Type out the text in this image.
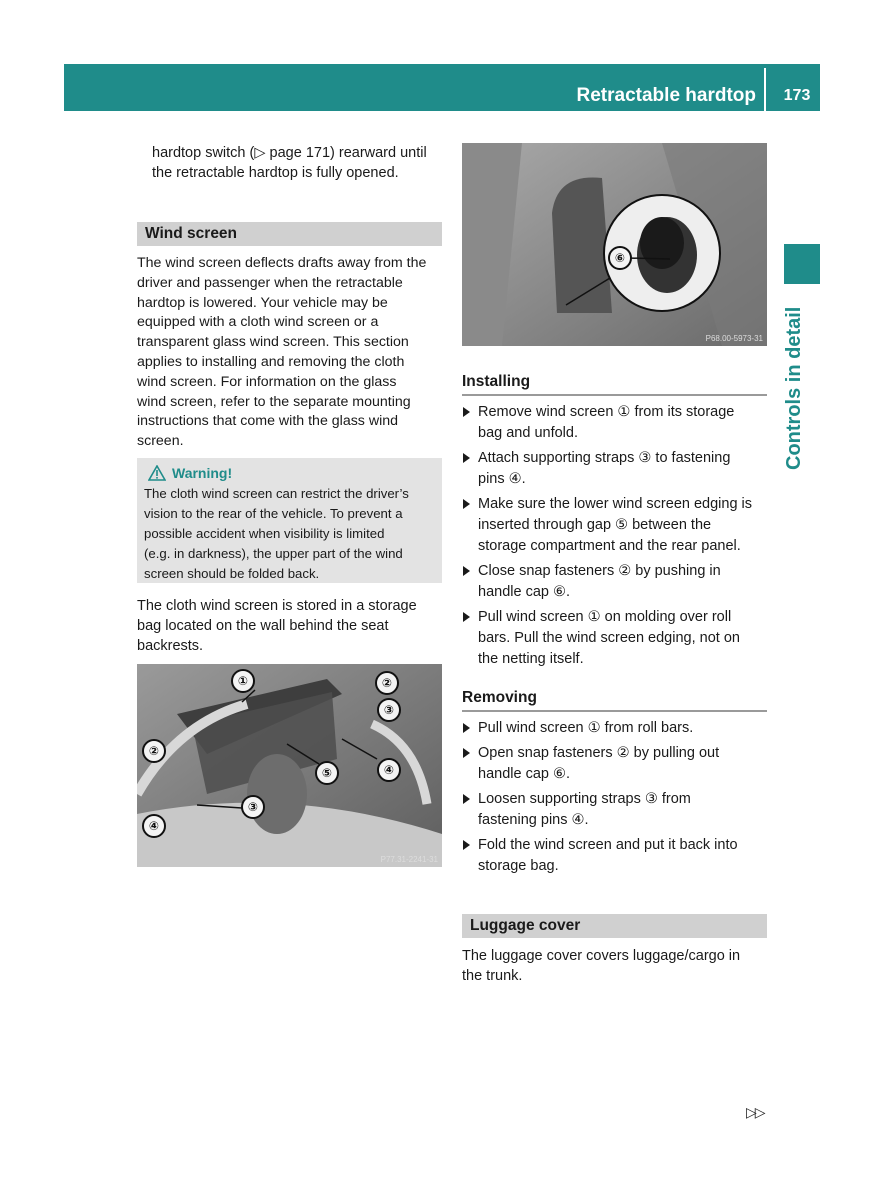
Retractable hardtop	173
Controls in detail
hardtop switch (▷ page 171) rearward until
the retractable hardtop is fully opened.
Wind screen
The wind screen deflects drafts away from the
driver and passenger when the retractable
hardtop is lowered. Your vehicle may be
equipped with a cloth wind screen or a
transparent glass wind screen. This section
applies to installing and removing the cloth
wind screen. For information on the glass
wind screen, refer to the separate mounting
instructions that come with the glass wind
screen.
Warning!
The cloth wind screen can restrict the driver’s
vision to the rear of the vehicle. To prevent a
possible accident when visibility is limited
(e.g. in darkness), the upper part of the wind
screen should be folded back.
The cloth wind screen is stored in a storage
bag located on the wall behind the seat
backrests.
①	②
③
④
⑤
②
③
④
P77.31-2241-31
⑥
P68.00-5973-31
Installing
Remove wind screen ① from its storage
bag and unfold.
Attach supporting straps ③ to fastening
pins ④.
Make sure the lower wind screen edging is
inserted through gap ⑤ between the
storage compartment and the rear panel.
Close snap fasteners ② by pushing in
handle cap ⑥.
Pull wind screen ① on molding over roll
bars. Pull the wind screen edging, not on
the netting itself.
Removing
Pull wind screen ① from roll bars.
Open snap fasteners ② by pulling out
handle cap ⑥.
Loosen supporting straps ③ from
fastening pins ④.
Fold the wind screen and put it back into
storage bag.
Luggage cover
The luggage cover covers luggage/cargo in
the trunk.
▷▷
